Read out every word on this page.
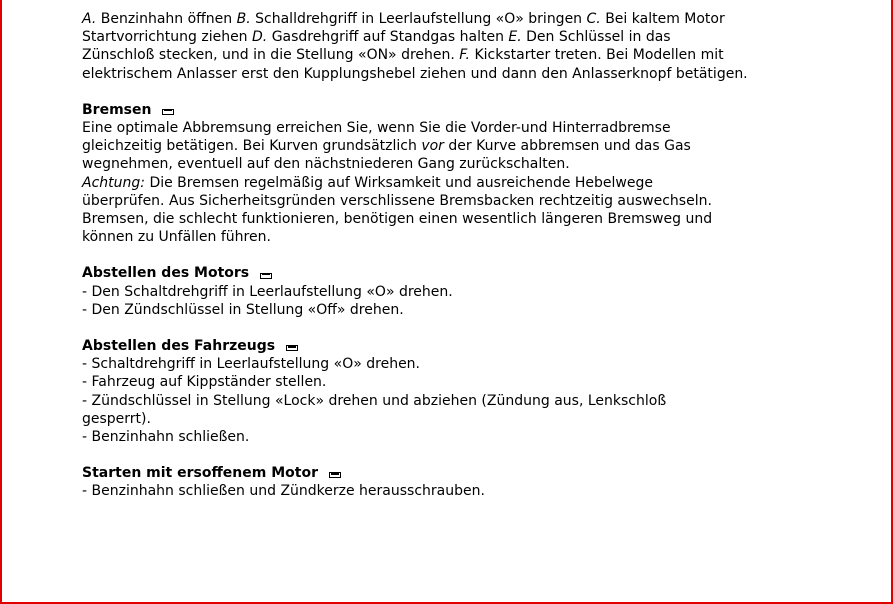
A. Benzinhahn öffnen B. Schalldrehgriff in Leerlaufstellung «O» bringen C. Bei kaltem Motor

Startvorrichtung ziehen D. Gasdrehgriff auf Standgas halten E. Den Schlüssel in das

Zünschloß stecken, und in die Stellung «ON» drehen. F. Kickstarter treten. Bei Modellen mit

elektrischem Anlasser erst den Kupplungshebel ziehen und dann den Anlasserknopf betätigen.

Bremsen

Eine optimale Abbremsung erreichen Sie, wenn Sie die Vorder-und Hinterradbremse

gleichzeitig betätigen. Bei Kurven grundsätzlich vor der Kurve abbremsen und das Gas

wegnehmen, eventuell auf den nächstniederen Gang zurückschalten.

Achtung: Die Bremsen regelmäßig auf Wirksamkeit und ausreichende Hebelwege

überprüfen. Aus Sicherheitsgründen verschlissene Bremsbacken rechtzeitig auswechseln.

Bremsen, die schlecht funktionieren, benötigen einen wesentlich längeren Bremsweg und

können zu Unfällen führen.

Abstellen des Motors

- Den Schaltdrehgriff in Leerlaufstellung «O» drehen.

- Den Zündschlüssel in Stellung «Off» drehen.

Abstellen des Fahrzeugs

- Schaltdrehgriff in Leerlaufstellung «O» drehen.

- Fahrzeug auf Kippständer stellen.

- Zündschlüssel in Stellung «Lock» drehen und abziehen (Zündung aus, Lenkschloß

gesperrt).

- Benzinhahn schließen.

Starten mit ersoffenem Motor

- Benzinhahn schließen und Zündkerze herausschrauben.
